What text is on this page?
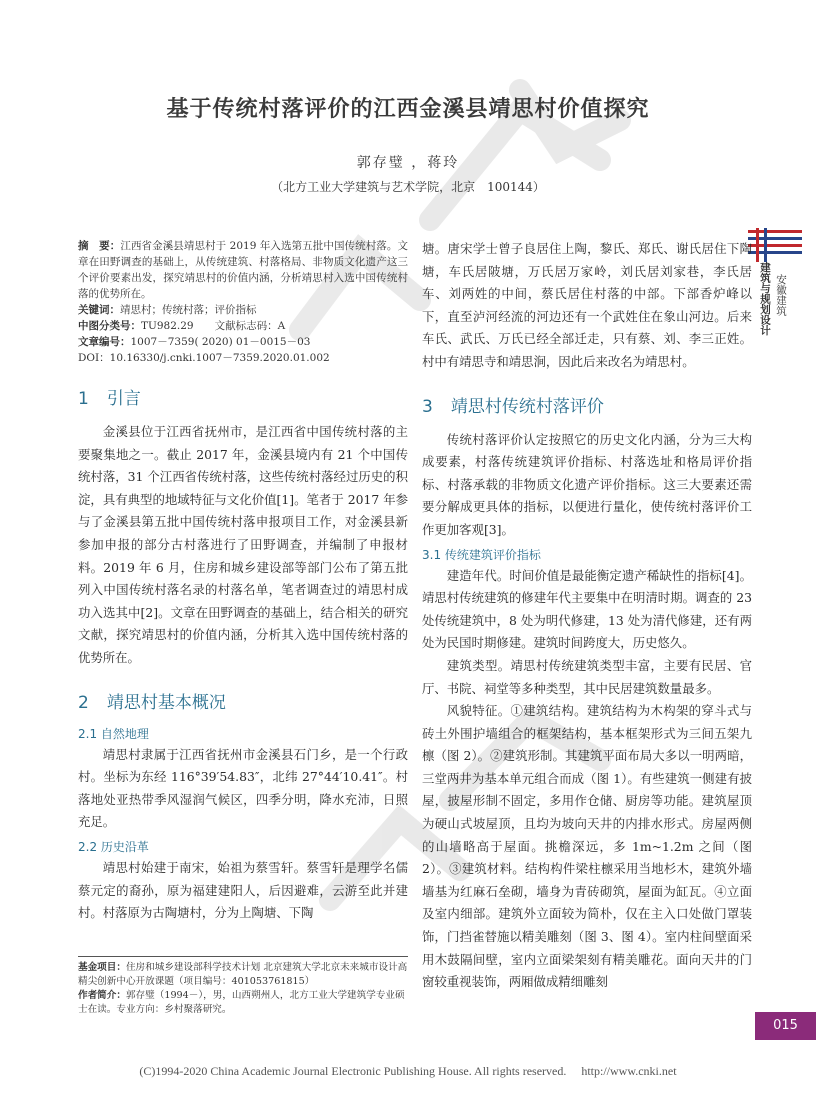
基于传统村落评价的江西金溪县靖思村价值探究
郭存璧 ，蒋玲
（北方工业大学建筑与艺术学院，北京　100144）
建筑与规划设计 安徽建筑

摘　要：江西省金溪县靖思村于 2019 年入选第五批中国传统村落。文章在田野调查的基础上，从传统建筑、村落格局、非物质文化遗产这三个评价要素出发，探究靖思村的价值内涵，分析靖思村入选中国传统村落的优势所在。

关键词：靖思村；传统村落；评价指标

中图分类号：TU982.29　　文献标志码：A

文章编号：1007－7359( 2020) 01－0015－03

DOI：10.16330/j.cnki.1007－7359.2020.01.002

1 引言

金溪县位于江西省抚州市，是江西省中国传统村落的主要聚集地之一。截止 2017 年，金溪县境内有 21 个中国传统村落，31 个江西省传统村落，这些传统村落经过历史的积淀，具有典型的地域特征与文化价值[1]。笔者于 2017 年参与了金溪县第五批中国传统村落申报项目工作，对金溪县新参加申报的部分古村落进行了田野调查，并编制了申报材料。2019 年 6 月，住房和城乡建设部等部门公布了第五批列入中国传统村落名录的村落名单，笔者调查过的靖思村成功入选其中[2]。文章在田野调查的基础上，结合相关的研究文献，探究靖思村的价值内涵，分析其入选中国传统村落的优势所在。

2 靖思村基本概况
2.1 自然地理

靖思村隶属于江西省抚州市金溪县石门乡，是一个行政村。坐标为东经 116°39′54.83″，北纬 27°44′10.41″。村落地处亚热带季风湿润气候区，四季分明，降水充沛，日照充足。

2.2 历史沿革

靖思村始建于南宋，始祖为蔡雪轩。蔡雪轩是理学名儒蔡元定的裔孙，原为福建建阳人，后因避难，云游至此并建村。村落原为古陶塘村，分为上陶塘、下陶

基金项目：住房和城乡建设部科学技术计划 北京建筑大学北京未来城市设计高精尖创新中心开放课题（项目编号：401053761815）

作者简介：郭存璧（1994－），男，山西朔州人，北方工业大学建筑学专业硕士在读。专业方向：乡村聚落研究。

塘。唐宋学士曾子良居住上陶，黎氏、郑氏、谢氏居住下陶塘，车氏居陂塘，万氏居万家岭，刘氏居刘家巷，李氏居车、刘两姓的中间，蔡氏居住村落的中部。下部香炉峰以下，直至泸河经流的河边还有一个武姓住在象山河边。后来车氏、武氏、万氏已经全部迁走，只有蔡、刘、李三正姓。村中有靖思寺和靖思涧，因此后来改名为靖思村。

3 靖思村传统村落评价

传统村落评价认定按照它的历史文化内涵，分为三大构成要素，村落传统建筑评价指标、村落选址和格局评价指标、村落承载的非物质文化遗产评价指标。这三大要素还需要分解成更具体的指标，以便进行量化，使传统村落评价工作更加客观[3]。

3.1 传统建筑评价指标

建造年代。时间价值是最能衡定遗产稀缺性的指标[4]。靖思村传统建筑的修建年代主要集中在明清时期。调查的 23 处传统建筑中，8 处为明代修建，13 处为清代修建，还有两处为民国时期修建。建筑时间跨度大，历史悠久。

建筑类型。靖思村传统建筑类型丰富，主要有民居、官厅、书院、祠堂等多种类型，其中民居建筑数量最多。

风貌特征。①建筑结构。建筑结构为木构架的穿斗式与砖土外围护墙组合的框架结构，基本框架形式为三间五架九檩（图 2）。②建筑形制。其建筑平面布局大多以一明两暗，三堂两井为基本单元组合而成（图 1）。有些建筑一侧建有披屋，披屋形制不固定，多用作仓储、厨房等功能。建筑屋顶为硬山式坡屋顶，且均为坡向天井的内排水形式。房屋两侧的山墙略高于屋面。挑檐深远，多 1m~1.2m 之间（图 2）。③建筑材料。结构构件梁柱檩采用当地杉木，建筑外墙墙基为红麻石垒砌，墙身为青砖砌筑，屋面为缸瓦。④立面及室内细部。建筑外立面较为简朴，仅在主入口处做门罩装饰，门挡雀替施以精美雕刻（图 3、图 4）。室内柱间壁面采用木鼓隔间壁，室内立面梁架刻有精美雕花。面向天井的门窗较重视装饰，两厢做成精细雕刻

015
(C)1994-2020 China Academic Journal Electronic Publishing House. All rights reserved.　 http://www.cnki.net
